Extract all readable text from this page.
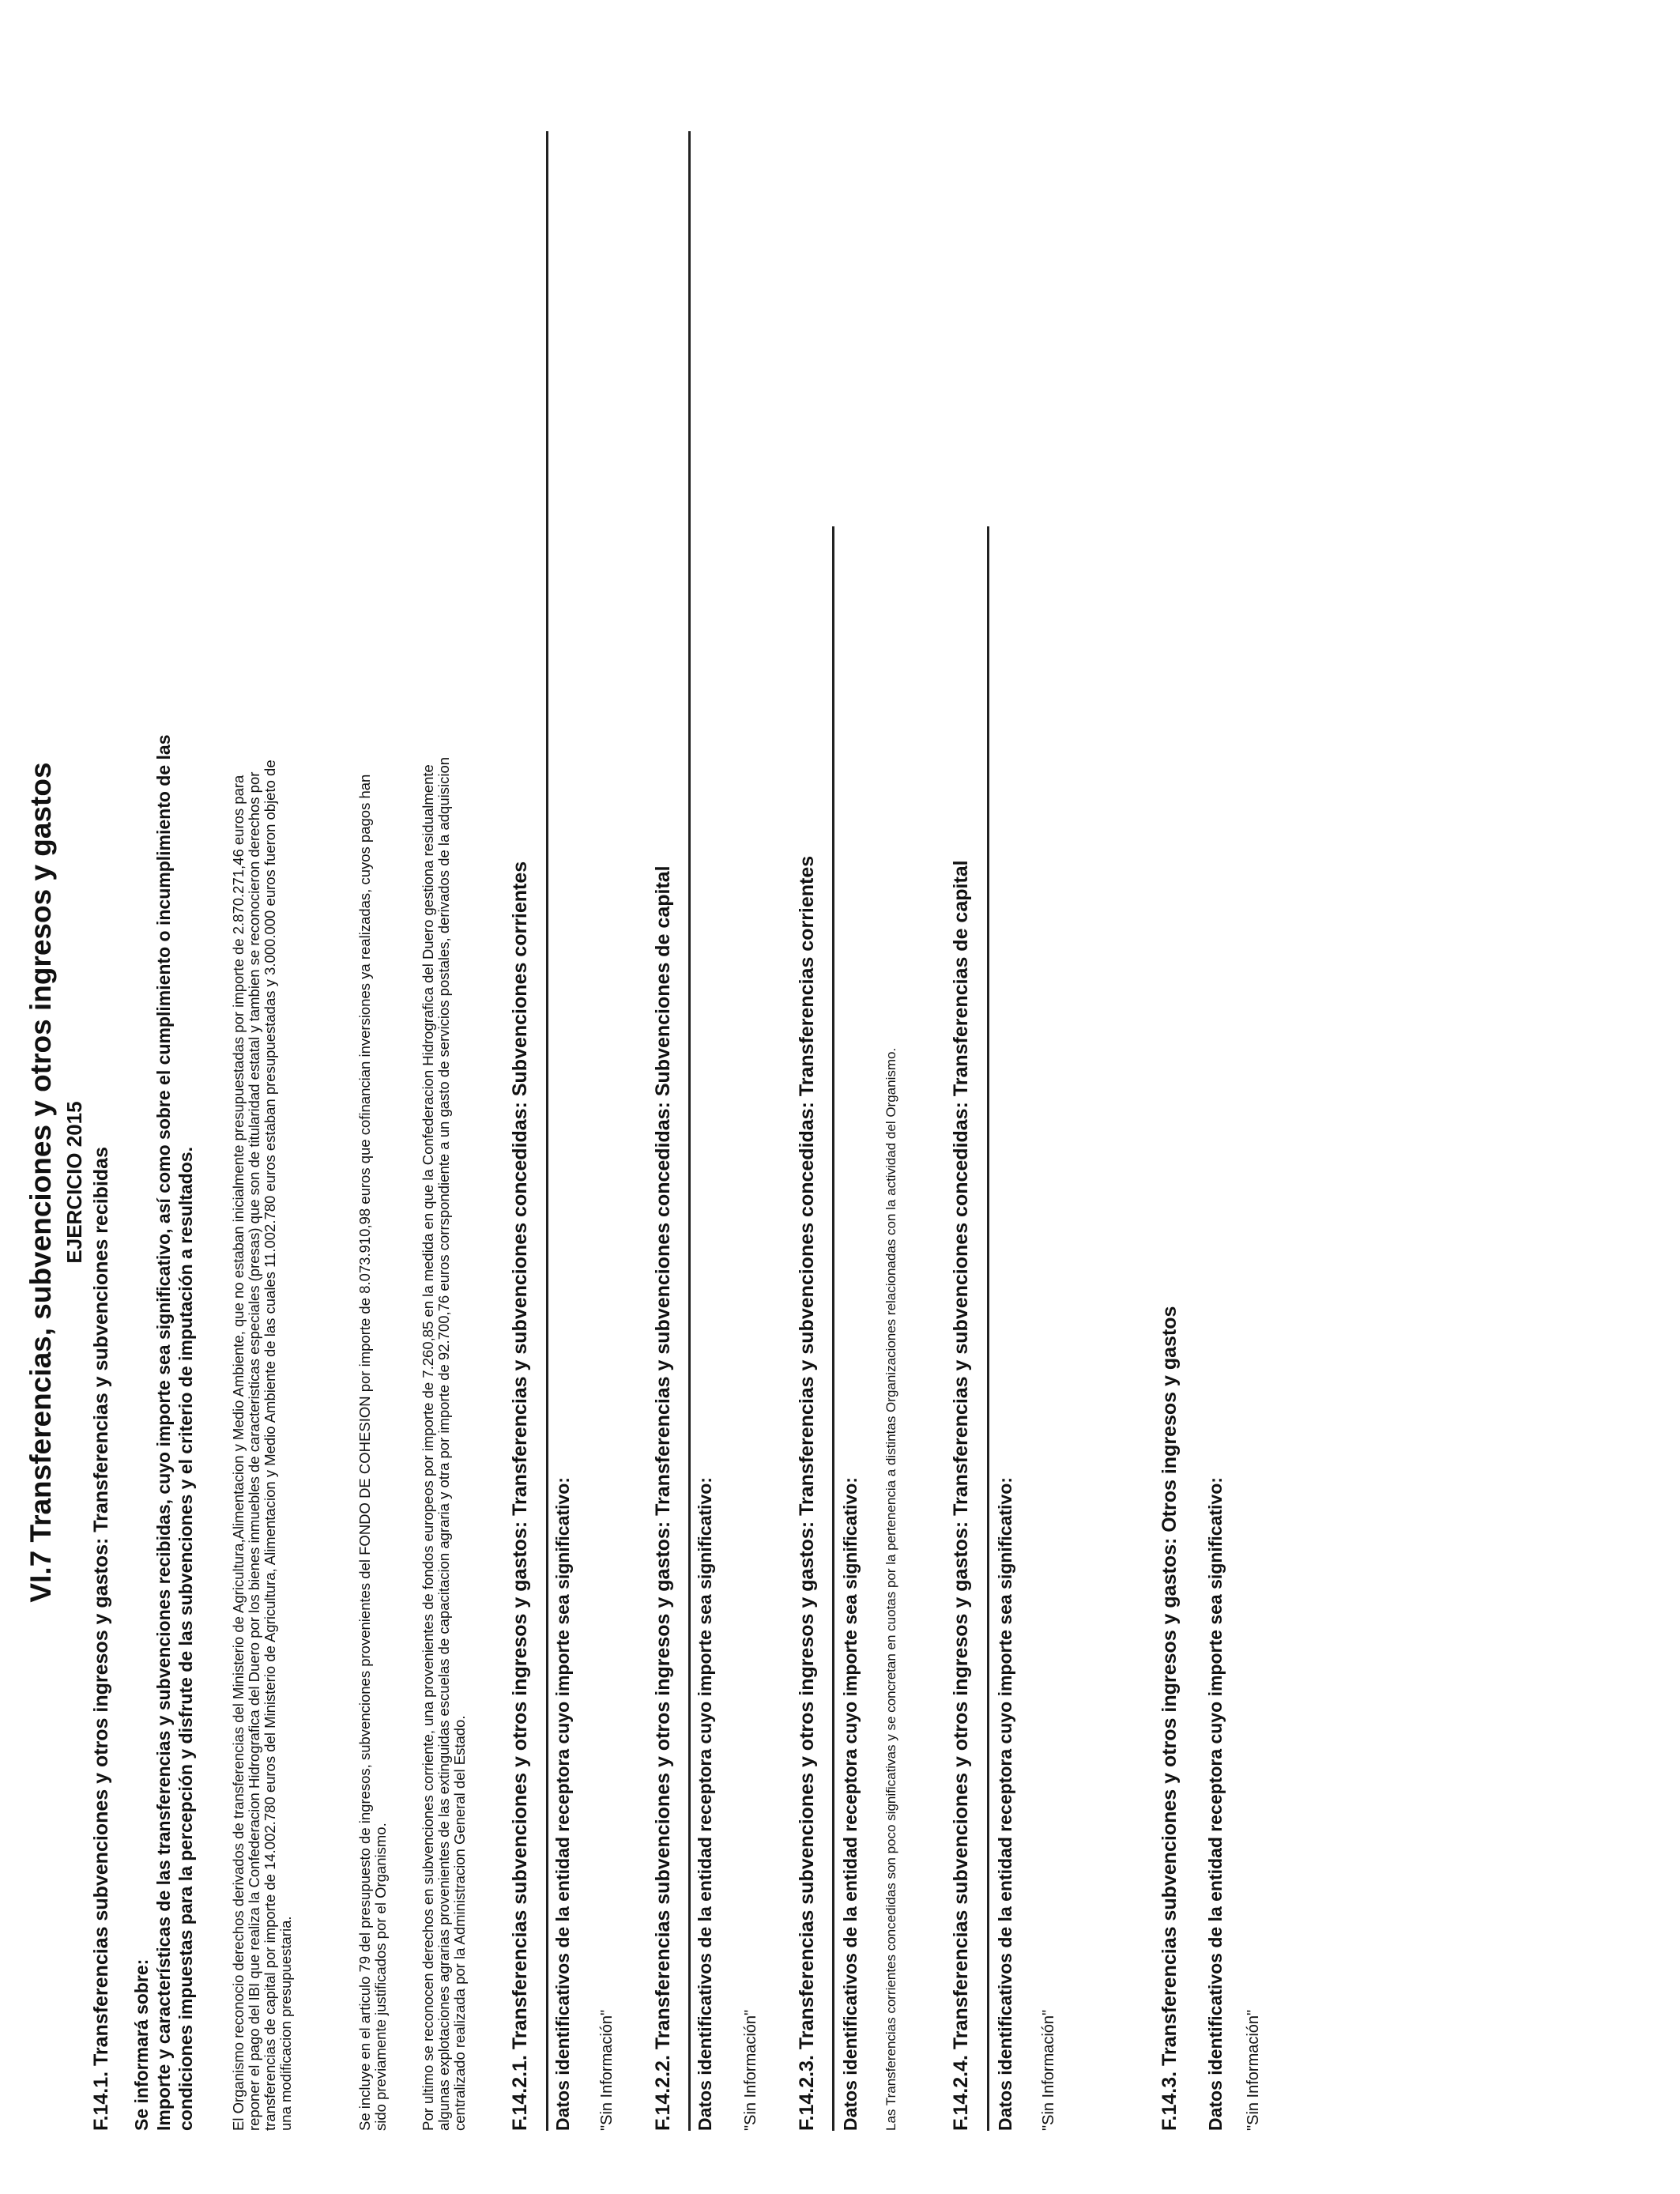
VI.7 Transferencias, subvenciones y otros ingresos y gastos EJERCICIO 2015 F.14.1. Transferencias subvenciones y otros ingresos y gastos: Transferencias y subvenciones recibidas Se informará sobre: Importe y características de las transferencias y subvenciones recibidas, cuyo importe sea significativo, así como sobre el cumplimiento o incumplimiento de las condiciones impuestas para la percepción y disfrute de las subvenciones y el criterio de imputación a resultados. El Organismo reconocio derechos derivados de transferencias del Ministerio de Agricultura,Alimentacion y Medio Ambiente, que no estaban inicialmente presupuestadas por importe de 2.870.271,46 euros para reponer el pago del IBI que realiza la Confederacion Hidrografica del Duero por los bienes inmuebles de caracteristicas especiales (presas) que son de titularidad estatal y tambien se reconocieron derechos por transferencias de capital por importe de 14.002.780 euros del Ministerio de Agricultura, Alimentacion y Medio Ambiente de las cuales 11.002.780 euros estaban presupuestadas y 3.000.000 euros fueron objeto de una modificacion presupuestaria.	Se incluye en el articulo 79 del presupuesto de ingresos, subvenciones provenientes del FONDO DE COHESION por importe de 8.073.910,98 euros que cofinancian inversiones ya realizadas, cuyos pagos han sido previamente justificados por el Organismo. Por ultimo se reconocen derechos en subvenciones corriente, una provenientes de fondos europeos por importe de 7.260,85 en la medida en que la Confederacion Hidrografica del Duero gestiona residualmente algunas explotaciones agrarias provenientes de las extinguidas escuelas de capacitacion agraria y otra por importe de 92.700,76 euros corrspondiente a un gasto de servicios postales, derivados de la adquisicion centralizado realizada por la Administracion General del Estado. F.14.2.1. Transferencias subvenciones y otros ingresos y gastos: Transferencias y subvenciones concedidas: Subvenciones corrientes Datos identificativos de la entidad receptora cuyo importe sea significativo: "Sin Información" F.14.2.2. Transferencias subvenciones y otros ingresos y gastos: Transferencias y subvenciones concedidas: Subvenciones de capital Datos identificativos de la entidad receptora cuyo importe sea significativo: "Sin Información" F.14.2.3. Transferencias subvenciones y otros ingresos y gastos: Transferencias y subvenciones concedidas: Transferencias corrientes Datos identificativos de la entidad receptora cuyo importe sea significativo: Las Transferencias corrientes concedidas son poco significativas y se concretan en cuotas por la pertenencia a distintas Organizaciones relacionadas con la actividad del Organismo.	F.14.2.4. Transferencias subvenciones y otros ingresos y gastos: Transferencias y subvenciones concedidas: Transferencias de capital Datos identificativos de la entidad receptora cuyo importe sea significativo: "Sin Información"	F.14.3. Transferencias subvenciones y otros ingresos y gastos: Otros ingresos y gastos Datos identificativos de la entidad receptora cuyo importe sea significativo: "Sin Información"
